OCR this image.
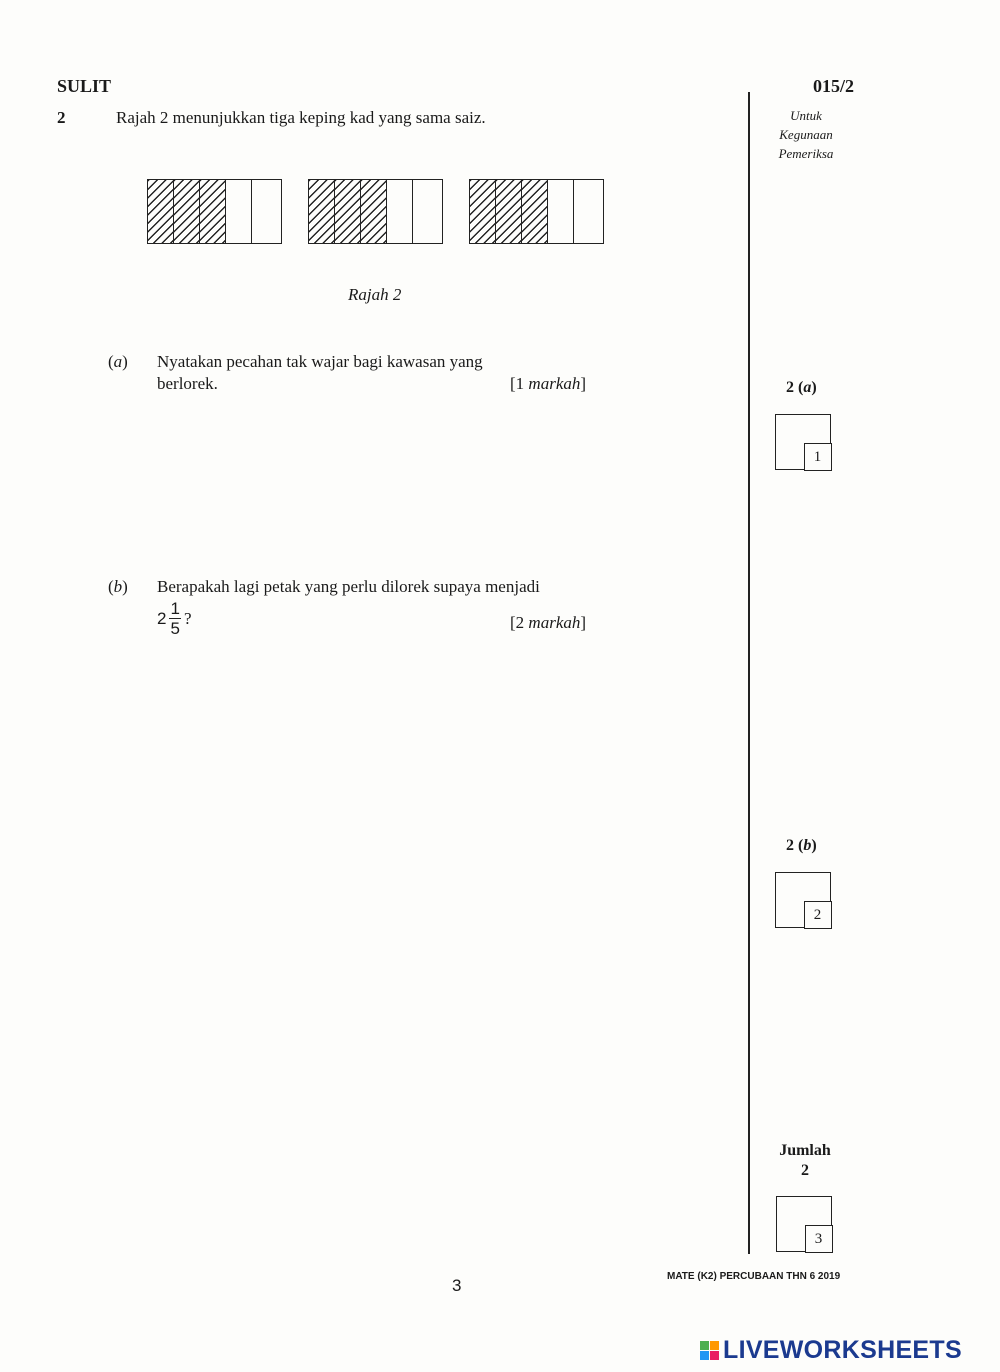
SULIT	015/2
Untuk
Kegunaan
Pemeriksa
2	Rajah 2 menunjukkan tiga keping kad yang sama saiz.
Rajah 2
(a) Nyatakan pecahan tak wajar bagi kawasan yang
berlorek.	[1 markah]
(b) Berapakah lagi petak yang perlu dilorek supaya menjadi
$2 \frac{1}{5}$ ?	[2 markah]
2 (a)
1
2 (b)
2
Jumlah
2
3
3	MATE (K2) PERCUBAAN THN 6 2019
LIVEWORKSHEETS
